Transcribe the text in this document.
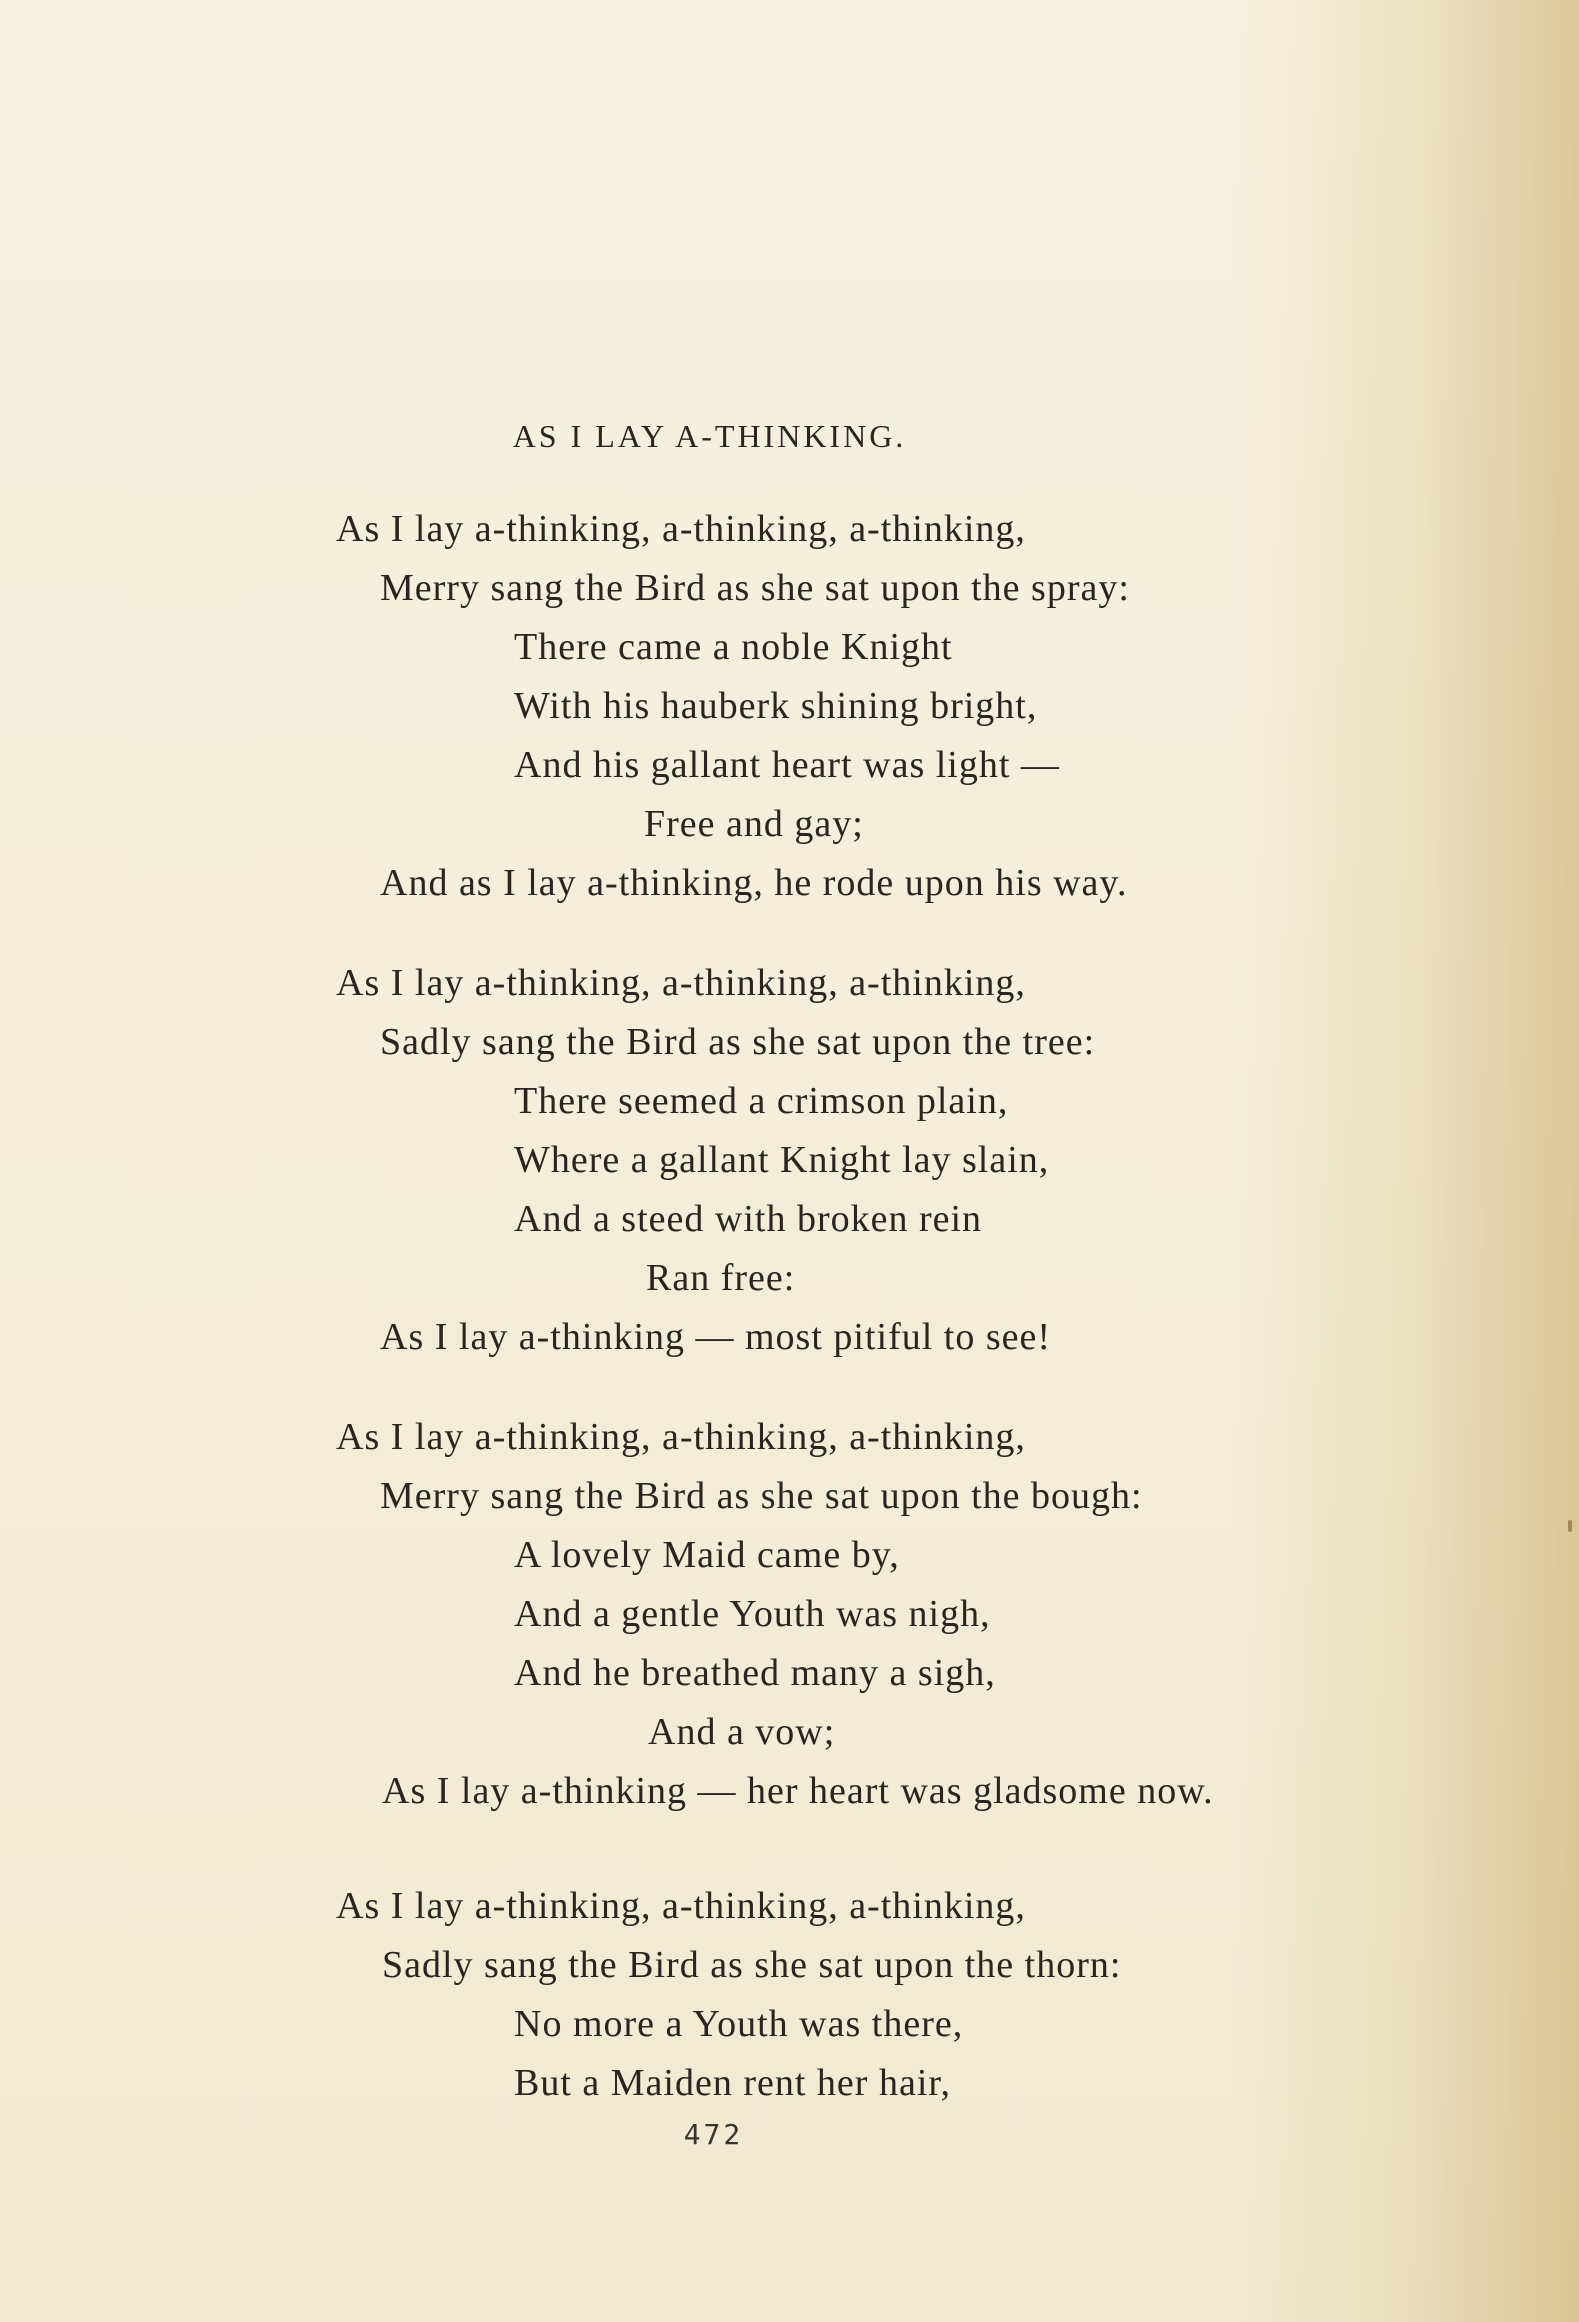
AS I LAY A-THINKING.
As I lay a-thinking, a-thinking, a-thinking,
Merry sang the Bird as she sat upon the spray:
There came a noble Knight
With his hauberk shining bright,
And his gallant heart was light —
Free and gay;
And as I lay a-thinking, he rode upon his way.
As I lay a-thinking, a-thinking, a-thinking,
Sadly sang the Bird as she sat upon the tree:
There seemed a crimson plain,
Where a gallant Knight lay slain,
And a steed with broken rein
Ran free:
As I lay a-thinking — most pitiful to see!
As I lay a-thinking, a-thinking, a-thinking,
Merry sang the Bird as she sat upon the bough:
A lovely Maid came by,
And a gentle Youth was nigh,
And he breathed many a sigh,
And a vow;
As I lay a-thinking — her heart was gladsome now.
As I lay a-thinking, a-thinking, a-thinking,
Sadly sang the Bird as she sat upon the thorn:
No more a Youth was there,
But a Maiden rent her hair,
472
